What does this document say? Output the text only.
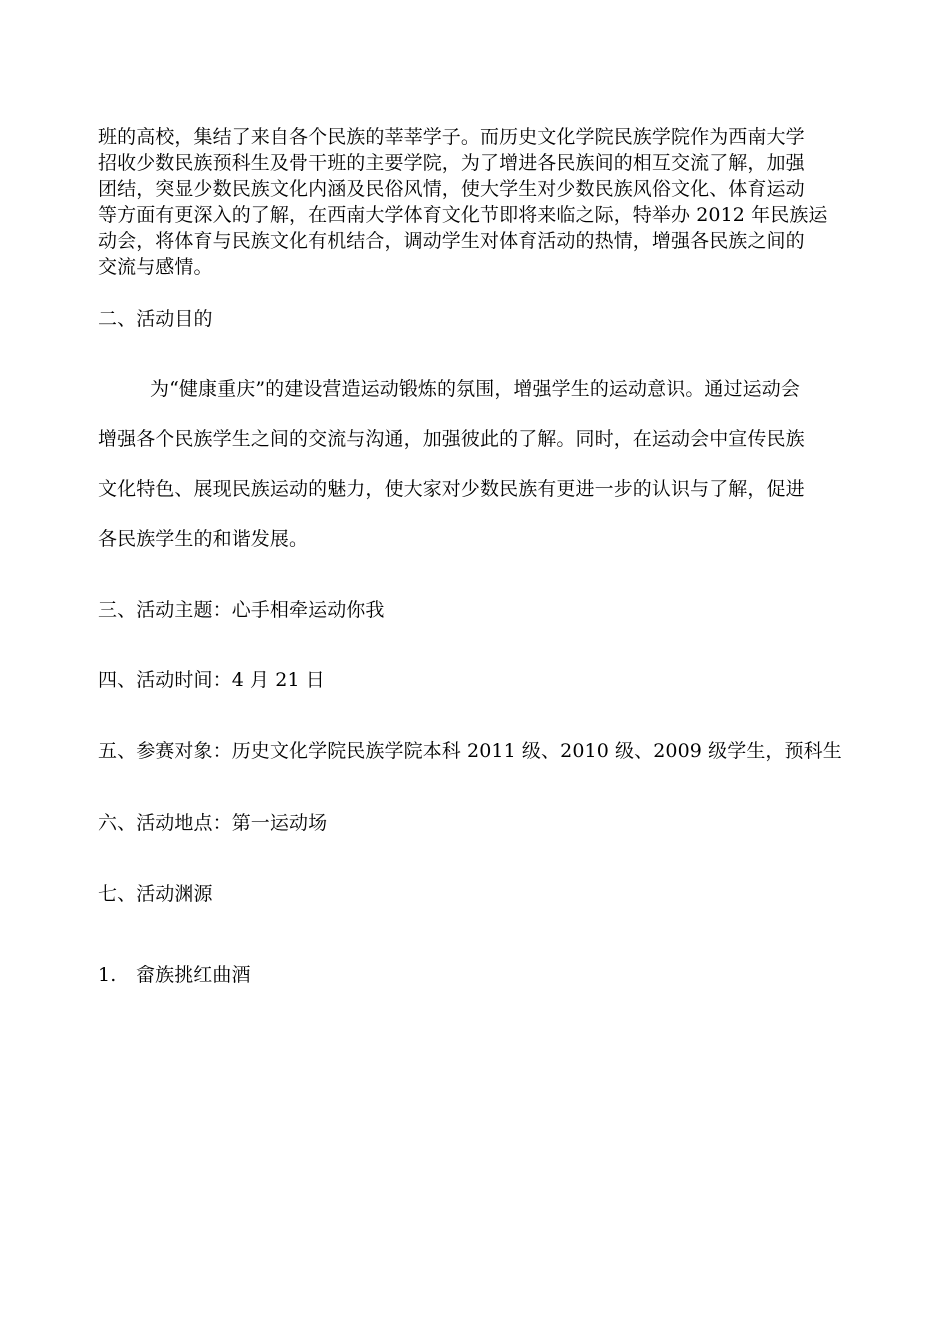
班的高校，集结了来自各个民族的莘莘学子。而历史文化学院民族学院作为西南大学
招收少数民族预科生及骨干班的主要学院，为了增进各民族间的相互交流了解，加强
团结，突显少数民族文化内涵及民俗风情，使大学生对少数民族风俗文化、体育运动
等方面有更深入的了解，在西南大学体育文化节即将来临之际，特举办 2012 年民族运
动会，将体育与民族文化有机结合，调动学生对体育活动的热情，增强各民族之间的
交流与感情。
二、活动目的
为“健康重庆”的建设营造运动锻炼的氛围，增强学生的运动意识。通过运动会
增强各个民族学生之间的交流与沟通，加强彼此的了解。同时，在运动会中宣传民族
文化特色、展现民族运动的魅力，使大家对少数民族有更进一步的认识与了解，促进
各民族学生的和谐发展。
三、活动主题：心手相牵运动你我
四、活动时间：4 月 21 日
五、参赛对象：历史文化学院民族学院本科 2011 级、2010 级、2009 级学生，预科生
六、活动地点：第一运动场
七、活动渊源
1. 畲族挑红曲酒
